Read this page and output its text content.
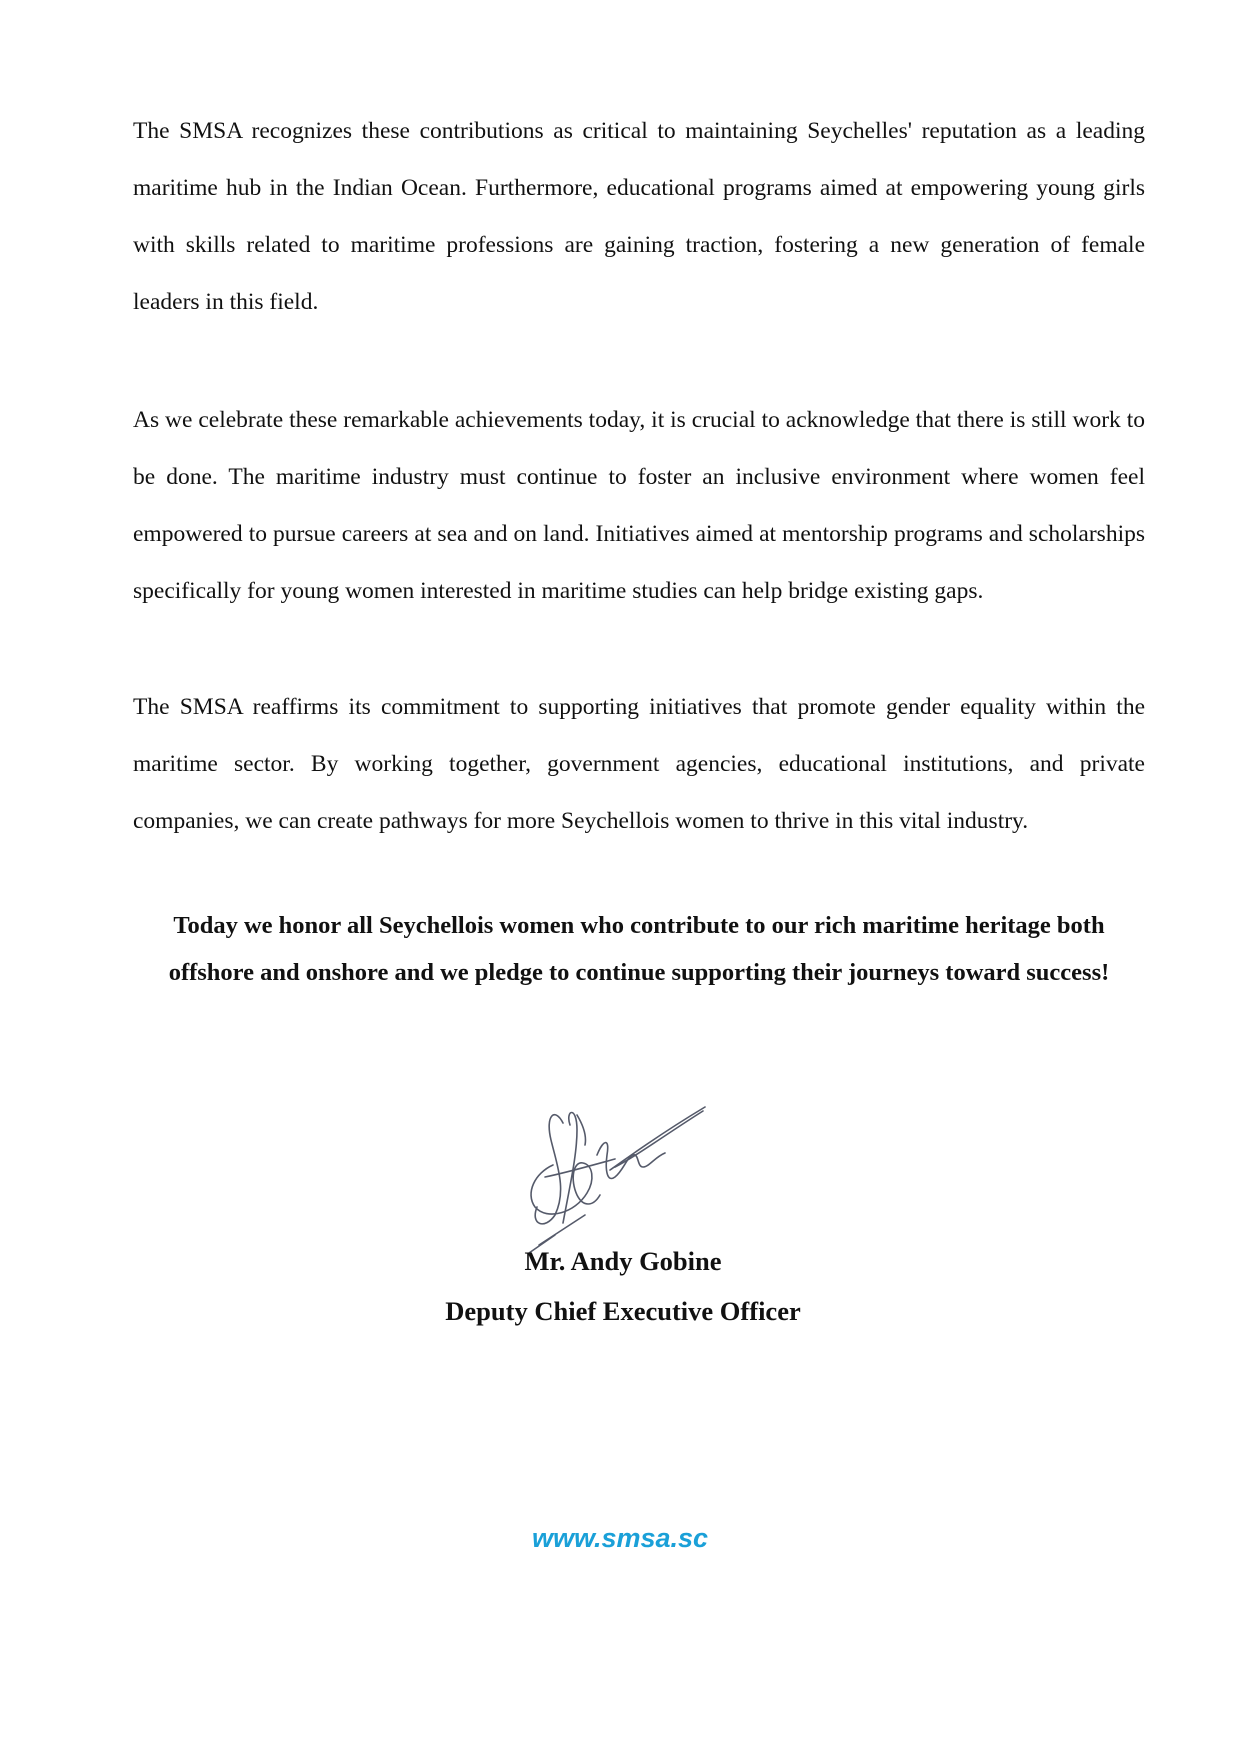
The SMSA recognizes these contributions as critical to maintaining Seychelles' reputation as a leading maritime hub in the Indian Ocean. Furthermore, educational programs aimed at empowering young girls with skills related to maritime professions are gaining traction, fostering a new generation of female leaders in this field.

As we celebrate these remarkable achievements today, it is crucial to acknowledge that there is still work to be done. The maritime industry must continue to foster an inclusive environment where women feel empowered to pursue careers at sea and on land. Initiatives aimed at mentorship programs and scholarships specifically for young women interested in maritime studies can help bridge existing gaps.

The SMSA reaffirms its commitment to supporting initiatives that promote gender equality within the maritime sector. By working together, government agencies, educational institutions, and private companies, we can create pathways for more Seychellois women to thrive in this vital industry.

Today we honor all Seychellois women who contribute to our rich maritime heritage both offshore and onshore and we pledge to continue supporting their journeys toward success!

Mr. Andy Gobine

Deputy Chief Executive Officer

www.smsa.sc
